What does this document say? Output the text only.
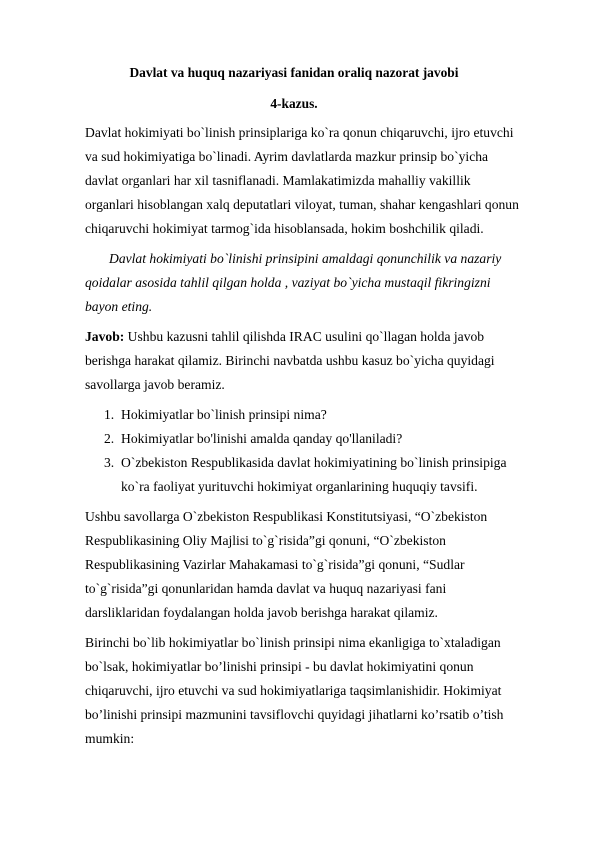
Davlat va huquq nazariyasi fanidan oraliq nazorat javobi
4-kazus.
Davlat hokimiyati bo`linish prinsiplariga ko`ra qonun chiqaruvchi, ijro etuvchi
va sud hokimiyatiga bo`linadi. Ayrim davlatlarda mazkur prinsip bo`yicha
davlat organlari har xil tasniflanadi. Mamlakatimizda mahalliy vakillik
organlari hisoblangan xalq deputatlari viloyat, tuman, shahar kengashlari qonun
chiqaruvchi hokimiyat tarmog`ida hisoblansada, hokim boshchilik qiladi.
Davlat hokimiyati bo`linishi prinsipini amaldagi qonunchilik va nazariy
qoidalar asosida tahlil qilgan holda , vaziyat bo`yicha mustaqil fikringizni
bayon eting.
Javob: Ushbu kazusni tahlil qilishda IRAC usulini qo`llagan holda javob
berishga harakat qilamiz. Birinchi navbatda ushbu kasuz bo`yicha quyidagi
savollarga javob beramiz.
1. Hokimiyatlar bo`linish prinsipi nima?
2. Hokimiyatlar bo'linishi amalda qanday qo'llaniladi?
3. O`zbekiston Respublikasida davlat hokimiyatining bo`linish prinsipiga
ko`ra faoliyat yurituvchi hokimiyat organlarining huquqiy tavsifi.
Ushbu savollarga O`zbekiston Respublikasi Konstitutsiyasi, “O`zbekiston
Respublikasining Oliy Majlisi to`g`risida”gi qonuni, “O`zbekiston
Respublikasining Vazirlar Mahakamasi to`g`risida”gi qonuni, “Sudlar
to`g`risida”gi qonunlaridan hamda davlat va huquq nazariyasi fani
darsliklaridan foydalangan holda javob berishga harakat qilamiz.
Birinchi bo`lib hokimiyatlar bo`linish prinsipi nima ekanligiga to`xtaladigan
bo`lsak, hokimiyatlar bo’linishi prinsipi - bu davlat hokimiyatini qonun
chiqaruvchi, ijro etuvchi va sud hokimiyatlariga taqsimlanishidir. Hokimiyat
bo’linishi prinsipi mazmunini tavsiflovchi quyidagi jihatlarni ko’rsatib o’tish
mumkin:
